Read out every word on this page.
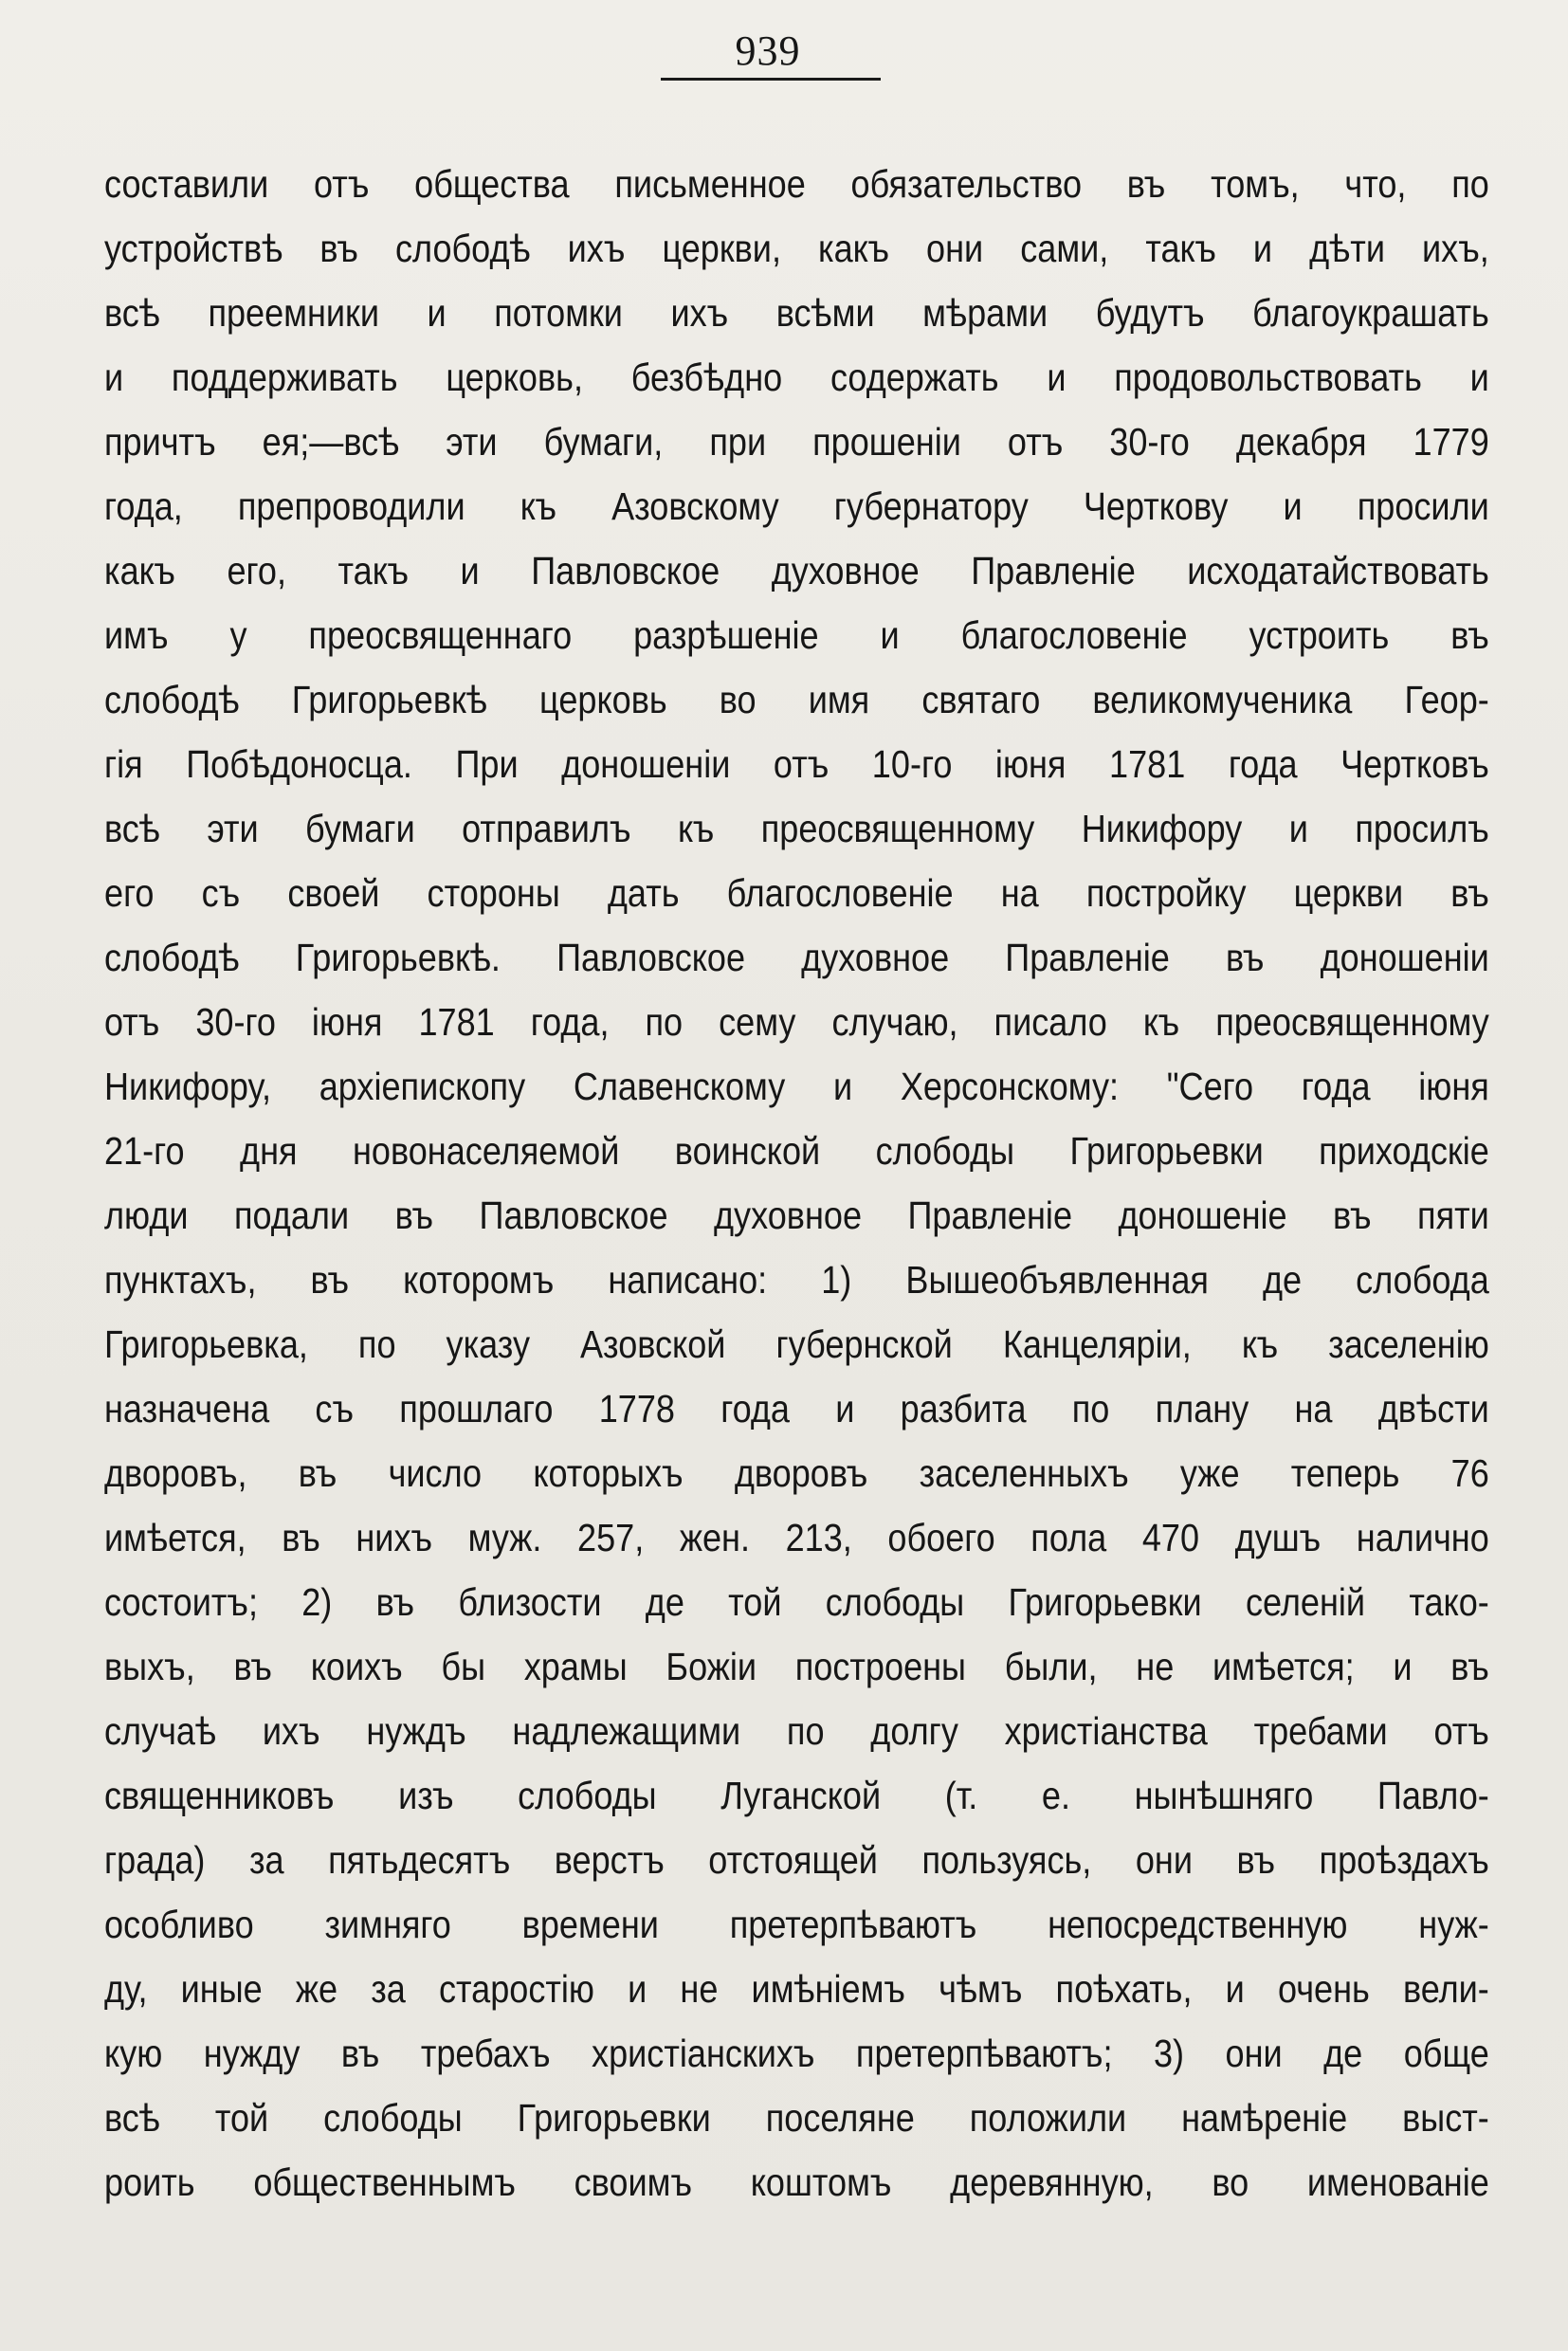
939
составили отъ общества письменное обязательство въ томъ, что, по
устройствѣ въ слободѣ ихъ церкви, какъ они сами, такъ и дѣти ихъ,
всѣ преемники и потомки ихъ всѣми мѣрами будутъ благоукрашать
и поддерживать церковь, безбѣдно содержать и продовольствовать и
причтъ ея;—всѣ эти бумаги, при прошеніи отъ 30-го декабря 1779
года, препроводили къ Азовскому губернатору Черткову и просили
какъ его, такъ и Павловское духовное Правленіе исходатайствовать
имъ у преосвященнаго разрѣшеніе и благословеніе устроить въ
слободѣ Григорьевкѣ церковь во имя святаго великомученика Геор-
гія Побѣдоносца. При доношеніи отъ 10-го іюня 1781 года Чертковъ
всѣ эти бумаги отправилъ къ преосвященному Никифору и просилъ
его съ своей стороны дать благословеніе на постройку церкви въ
слободѣ Григорьевкѣ. Павловское духовное Правленіе въ доношеніи
отъ 30-го іюня 1781 года, по сему случаю, писало къ преосвященному
Никифору, архіепископу Славенскому и Херсонскому: "Сего года іюня
21-го дня новонаселяемой воинской слободы Григорьевки приходскіе
люди подали въ Павловское духовное Правленіе доношеніе въ пяти
пунктахъ, въ которомъ написано: 1) Вышеобъявленная де слобода
Григорьевка, по указу Азовской губернской Канцеляріи, къ заселенію
назначена съ прошлаго 1778 года и разбита по плану на двѣсти
дворовъ, въ число которыхъ дворовъ заселенныхъ уже теперь 76
имѣется, въ нихъ муж. 257, жен. 213, обоего пола 470 душъ налично
состоитъ; 2) въ близости де той слободы Григорьевки селеній тако-
выхъ, въ коихъ бы храмы Божіи построены были, не имѣется; и въ
случаѣ ихъ нуждъ надлежащими по долгу христіанства требами отъ
священниковъ изъ слободы Луганской (т. е. нынѣшняго Павло-
града) за пятьдесятъ верстъ отстоящей пользуясь, они въ проѣздахъ
особливо зимняго времени претерпѣваютъ непосредственную нуж-
ду, иные же за старостію и не имѣніемъ чѣмъ поѣхать, и очень вели-
кую нужду въ требахъ христіанскихъ претерпѣваютъ; 3) они де обще
всѣ той слободы Григорьевки поселяне положили намѣреніе выст-
роить общественнымъ своимъ коштомъ деревянную, во именованіе
